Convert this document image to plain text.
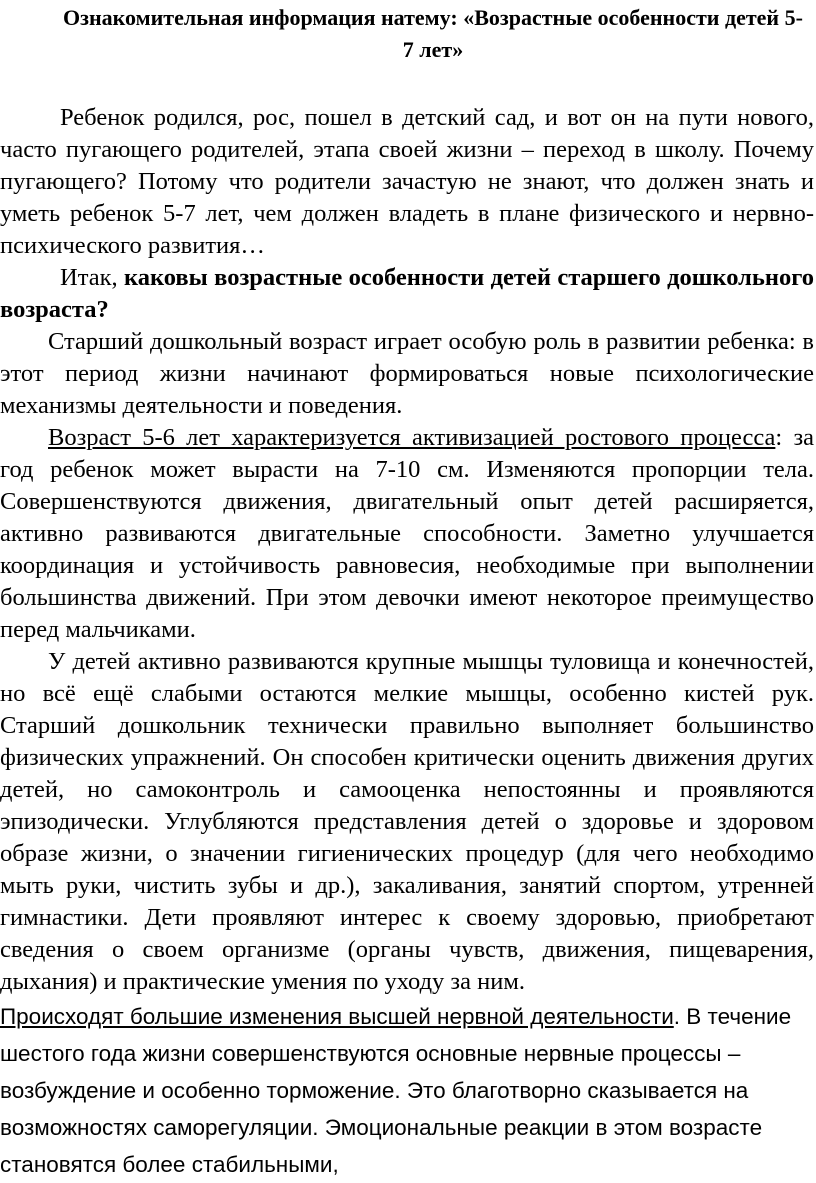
Ознакомительная информация натему: «Возрастные особенности детей 5-7 лет»

Ребенок родился, рос, пошел в детский сад, и вот он на пути нового, часто пугающего родителей, этапа своей жизни – переход в школу. Почему пугающего? Потому что родители зачастую не знают, что должен знать и уметь ребенок 5-7 лет, чем должен владеть в плане физического и нервно-психического развития…

Итак, каковы возрастные особенности детей старшего дошкольного возраста?

Старший дошкольный возраст играет особую роль в развитии ребенка: в этот период жизни начинают формироваться новые психологические механизмы деятельности и поведения.

Возраст 5-6 лет характеризуется активизацией ростового процесса: за год ребенок может вырасти на 7-10 см. Изменяются пропорции тела. Совершенствуются движения, двигательный опыт детей расширяется, активно развиваются двигательные способности. Заметно улучшается координация и устойчивость равновесия, необходимые при выполнении большинства движений. При этом девочки имеют некоторое преимущество перед мальчиками.

У детей активно развиваются крупные мышцы туловища и конечностей, но всё ещё слабыми остаются мелкие мышцы, особенно кистей рук. Старший дошкольник технически правильно выполняет большинство физических упражнений. Он способен критически оценить движения других детей, но самоконтроль и самооценка непостоянны и проявляются эпизодически. Углубляются представления детей о здоровье и здоровом образе жизни, о значении гигиенических процедур (для чего необходимо мыть руки, чистить зубы и др.), закаливания, занятий спортом, утренней гимнастики. Дети проявляют интерес к своему здоровью, приобретают сведения о своем организме (органы чувств, движения, пищеварения, дыхания) и практические умения по уходу за ним.

Происходят большие изменения высшей нервной деятельности. В течение шестого года жизни совершенствуются основные нервные процессы – возбуждение и особенно торможение. Это благотворно сказывается на возможностях саморегуляции. Эмоциональные реакции в этом возрасте становятся более стабильными,
